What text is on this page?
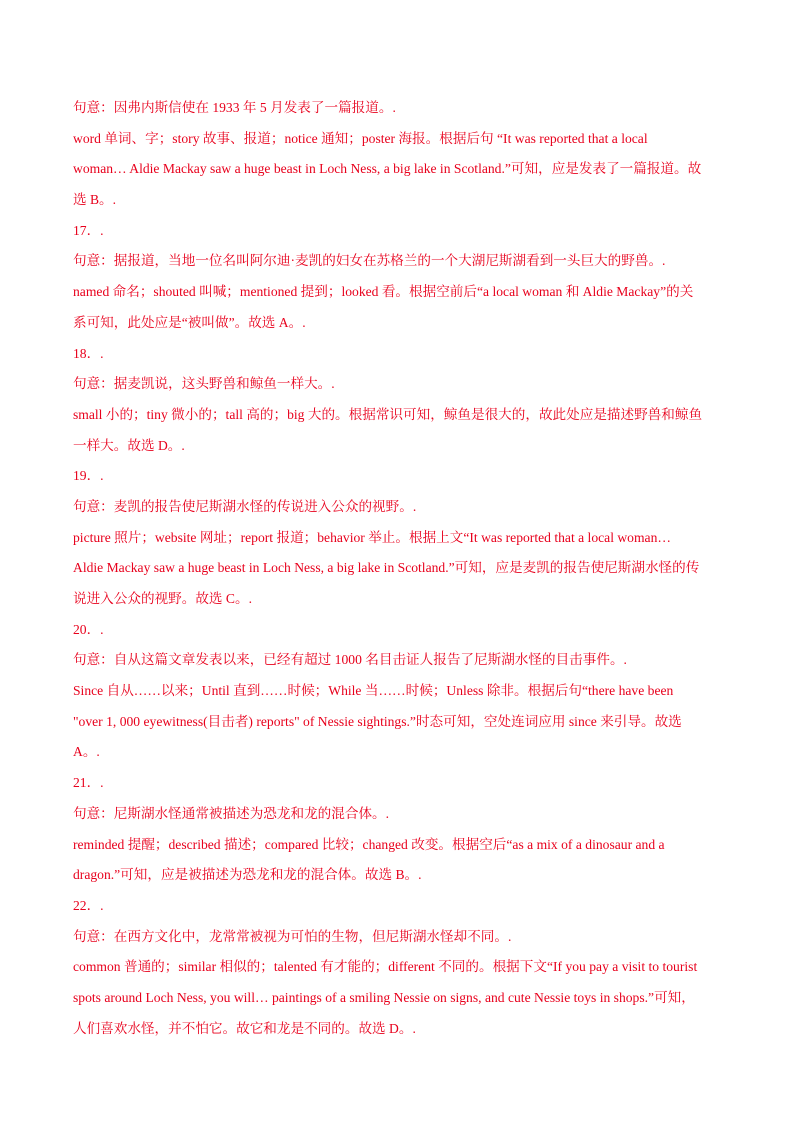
句意：因弗内斯信使在 1933 年 5 月发表了一篇报道。.
word 单词、字；story 故事、报道；notice 通知；poster 海报。根据后句 “It was reported that a local
woman… Aldie Mackay saw a huge beast in Loch Ness, a big lake in Scotland.”可知，应是发表了一篇报道。故
选 B。.
17．.
句意：据报道，当地一位名叫阿尔迪·麦凯的妇女在苏格兰的一个大湖尼斯湖看到一头巨大的野兽。.
named 命名；shouted 叫喊；mentioned 提到；looked 看。根据空前后“a local woman 和 Aldie Mackay”的关
系可知，此处应是“被叫做”。故选 A。.
18．.
句意：据麦凯说，这头野兽和鲸鱼一样大。.
small 小的；tiny 微小的；tall 高的；big 大的。根据常识可知，鲸鱼是很大的，故此处应是描述野兽和鲸鱼
一样大。故选 D。.
19．.
句意：麦凯的报告使尼斯湖水怪的传说进入公众的视野。.
picture 照片；website 网址；report 报道；behavior 举止。根据上文“It was reported that a local woman…
Aldie Mackay saw a huge beast in Loch Ness, a big lake in Scotland.”可知，应是麦凯的报告使尼斯湖水怪的传
说进入公众的视野。故选 C。.
20．.
句意：自从这篇文章发表以来，已经有超过 1000 名目击证人报告了尼斯湖水怪的目击事件。.
Since 自从……以来；Until 直到……时候；While 当……时候；Unless 除非。根据后句“there have been
"over 1, 000 eyewitness(目击者) reports" of Nessie sightings.”时态可知，空处连词应用 since 来引导。故选
A。.
21．.
句意：尼斯湖水怪通常被描述为恐龙和龙的混合体。.
reminded 提醒；described 描述；compared 比较；changed 改变。根据空后“as a mix of a dinosaur and a
dragon.”可知，应是被描述为恐龙和龙的混合体。故选 B。.
22．.
句意：在西方文化中，龙常常被视为可怕的生物，但尼斯湖水怪却不同。.
common 普通的；similar 相似的；talented 有才能的；different 不同的。根据下文“If you pay a visit to tourist
spots around Loch Ness, you will… paintings of a smiling Nessie on signs, and cute Nessie toys in shops.”可知，
人们喜欢水怪，并不怕它。故它和龙是不同的。故选 D。.
